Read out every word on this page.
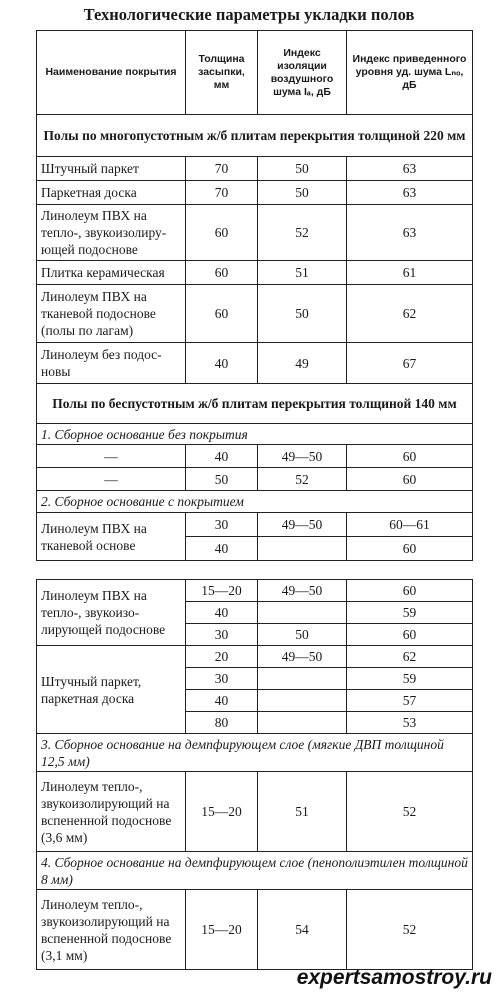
Технологические параметры укладки полов
Наименование покрытия	Толщина засыпки, мм	Индекс изоляции воздушного шума Iₐ, дБ	Индекс приведенного уровня уд. шума Lₙₒ, дБ
Полы по многопустотным ж/б плитам перекрытия толщиной 220 мм			
Штучный паркет	70	50	63
Паркетная доска	70	50	63
Линолеум ПВХ на тепло-, звукоизолиру-ющей подоснове	60	52	63
Плитка керамическая	60	51	61
Линолеум ПВХ на тканевой подоснове (полы по лагам)	60	50	62
Линолеум без подос-новы	40	49	67
Полы по беспустотным ж/б плитам перекрытия толщиной 140 мм			
1. Сборное основание без покрытия			
—	40	49—50	60
—	50	52	60
2. Сборное основание с покрытием			
Линолеум ПВХ на тканевой основе	30	49—50	60—61
	40		60

Линолеум ПВХ на тепло-, звукоизо-лирующей подоснове	15—20	49—50	60
	40		59
	30	50	60
Штучный паркет, паркетная доска	20	49—50	62
	30		59
	40		57
	80		53
3. Сборное основание на демпфирующем слое (мягкие ДВП толщиной 12,5 мм)			
Линолеум тепло-, звукоизолирующий на вспененной подоснове (3,6 мм)	15—20	51	52
4. Сборное основание на демпфирующем слое (пенополиэтилен толщиной 8 мм)			
Линолеум тепло-, звукоизолирующий на вспененной подоснове (3,1 мм)	15—20	54	52
expertsamostroy.ru
